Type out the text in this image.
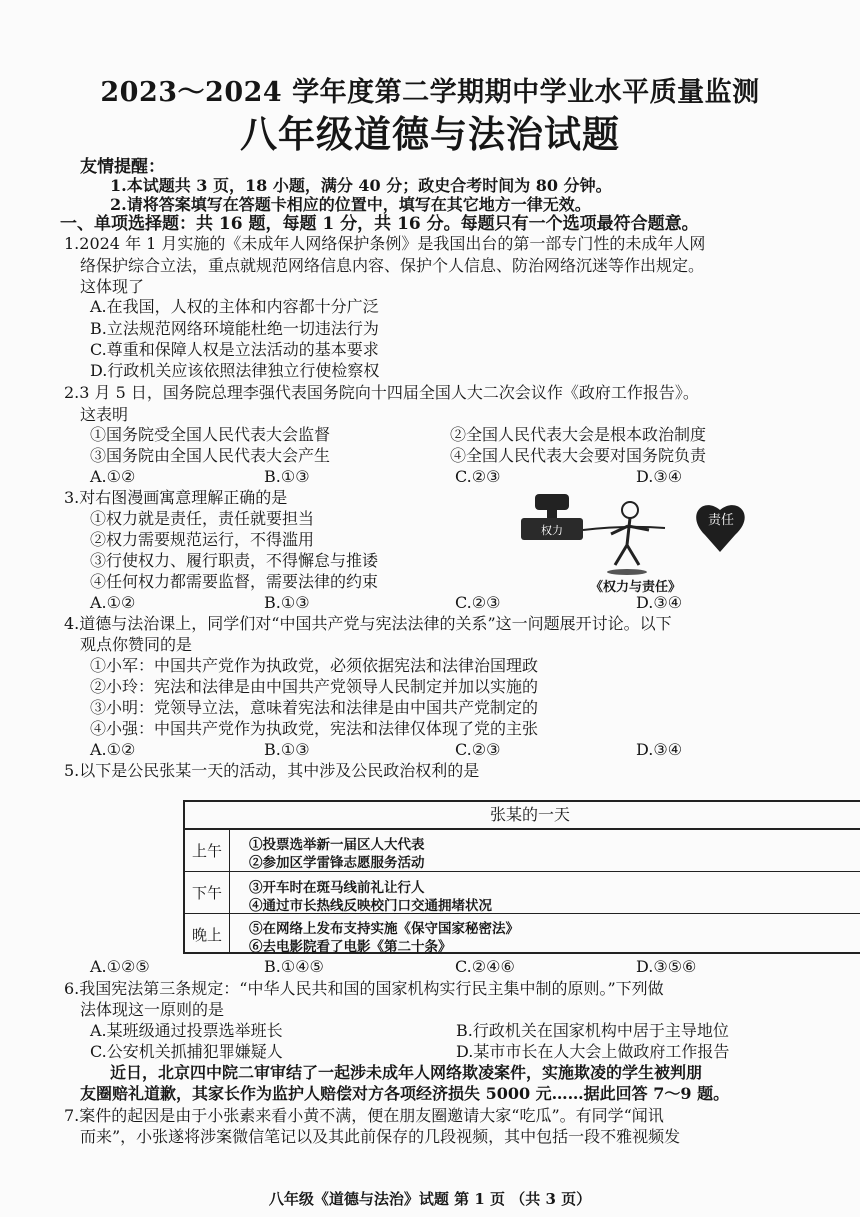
2023～2024 学年度第二学期期中学业水平质量监测
八年级道德与法治试题
友情提醒：
1.本试题共 3 页，18 小题，满分 40 分；政史合考时间为 80 分钟。
2.请将答案填写在答题卡相应的位置中，填写在其它地方一律无效。
一、单项选择题：共 16 题，每题 1 分，共 16 分。每题只有一个选项最符合题意。
1.2024 年 1 月实施的《未成年人网络保护条例》是我国出台的第一部专门性的未成年人网
络保护综合立法，重点就规范网络信息内容、保护个人信息、防治网络沉迷等作出规定。
这体现了
A.在我国，人权的主体和内容都十分广泛
B.立法规范网络环境能杜绝一切违法行为
C.尊重和保障人权是立法活动的基本要求
D.行政机关应该依照法律独立行使检察权
2.3 月 5 日，国务院总理李强代表国务院向十四届全国人大二次会议作《政府工作报告》。
这表明
①国务院受全国人民代表大会监督	②全国人民代表大会是根本政治制度
③国务院由全国人民代表大会产生	④全国人民代表大会要对国务院负责
A.①②	B.①③	C.②③	D.③④
3.对右图漫画寓意理解正确的是
①权力就是责任，责任就要担当
②权力需要规范运行，不得滥用
③行使权力、履行职责，不得懈怠与推诿
④任何权力都需要监督，需要法律的约束
A.①②	B.①③	C.②③	D.③④
权力
责任
《权力与责任》
4.道德与法治课上，同学们对“中国共产党与宪法法律的关系”这一问题展开讨论。以下
观点你赞同的是
①小军：中国共产党作为执政党，必须依据宪法和法律治国理政
②小玲：宪法和法律是由中国共产党领导人民制定并加以实施的
③小明：党领导立法，意味着宪法和法律是由中国共产党制定的
④小强：中国共产党作为执政党，宪法和法律仅体现了党的主张
A.①②	B.①③	C.②③	D.③④
5.以下是公民张某一天的活动，其中涉及公民政治权利的是
张某的一天
上午	①投票选举新一届区人大代表
②参加区学雷锋志愿服务活动
下午	③开车时在斑马线前礼让行人
④通过市长热线反映校门口交通拥堵状况
晚上	⑤在网络上发布支持实施《保守国家秘密法》
⑥去电影院看了电影《第二十条》
A.①②⑤	B.①④⑤	C.②④⑥	D.③⑤⑥
6.我国宪法第三条规定：“中华人民共和国的国家机构实行民主集中制的原则。”下列做
法体现这一原则的是
A.某班级通过投票选举班长	B.行政机关在国家机构中居于主导地位
C.公安机关抓捕犯罪嫌疑人	D.某市市长在人大会上做政府工作报告
近日，北京四中院二审审结了一起涉未成年人网络欺凌案件，实施欺凌的学生被判朋
友圈赔礼道歉，其家长作为监护人赔偿对方各项经济损失 5000 元……据此回答 7～9 题。
7.案件的起因是由于小张素来看小黄不满，便在朋友圈邀请大家“吃瓜”。有同学“闻讯
而来”，小张遂将涉案微信笔记以及其此前保存的几段视频，其中包括一段不雅视频发
八年级《道德与法治》试题 第 1 页 （共 3 页）
